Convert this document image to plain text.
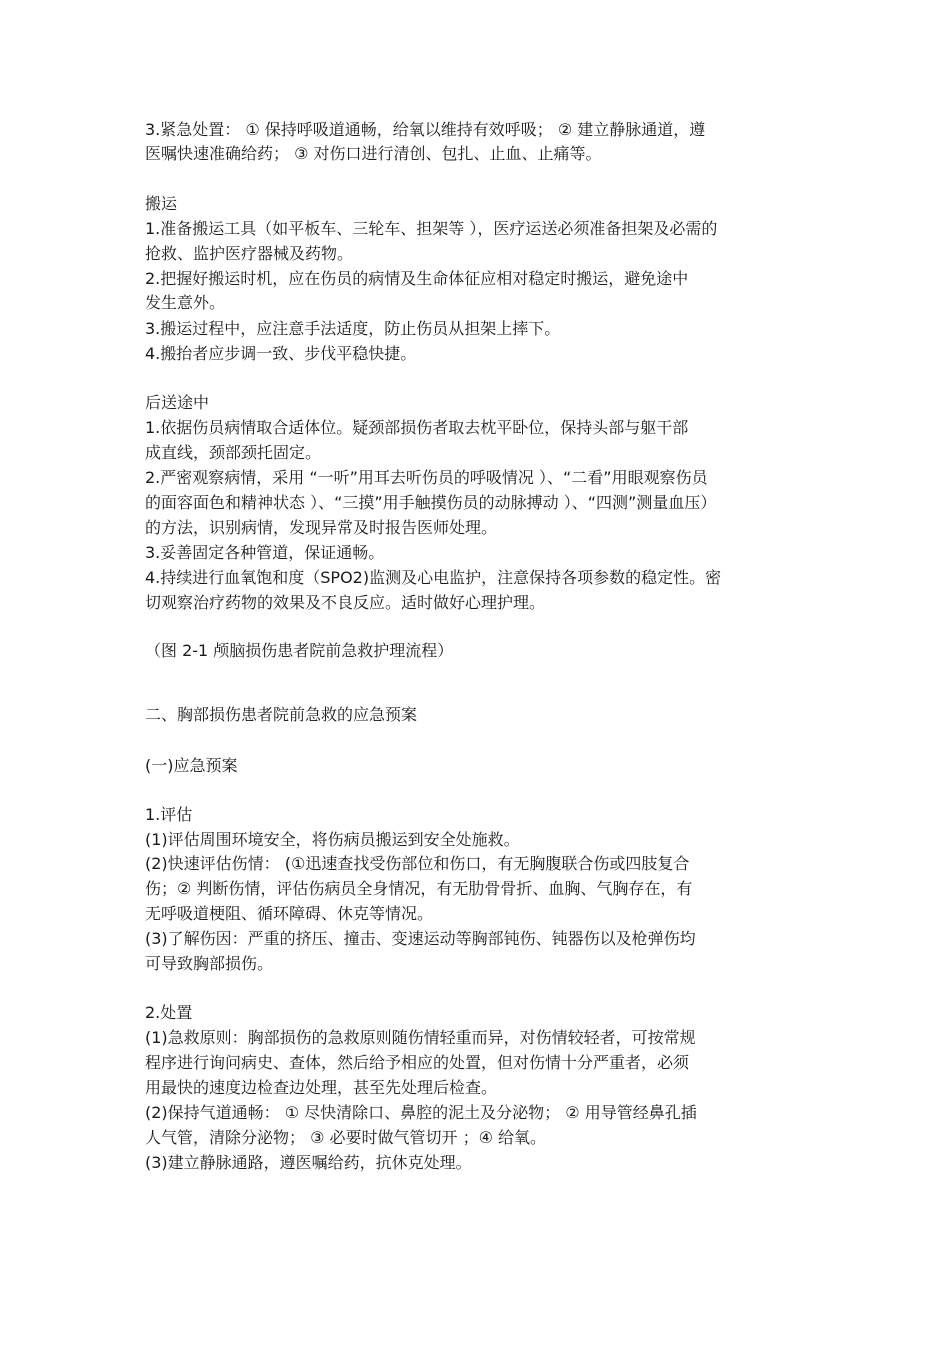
3.紧急处置： ① 保持呼吸道通畅，给氧以维持有效呼吸； ② 建立静脉通道，遵

医嘱快速准确给药； ③ 对伤口进行清创、包扎、止血、止痛等。

搬运

1.准备搬运工具（如平板车、三轮车、担架等 ），医疗运送必须准备担架及必需的

抢救、监护医疗器械及药物。

2.把握好搬运时机，应在伤员的病情及生命体征应相对稳定时搬运，避免途中

发生意外。

3.搬运过程中，应注意手法适度，防止伤员从担架上摔下。

4.搬抬者应步调一致、步伐平稳快捷。

后送途中

1.依据伤员病情取合适体位。疑颈部损伤者取去枕平卧位，保持头部与躯干部

成直线，颈部颈托固定。

2.严密观察病情，采用 “一听”用耳去听伤员的呼吸情况 ）、“二看”用眼观察伤员

的面容面色和精神状态 ）、“三摸”用手触摸伤员的动脉搏动 ）、“四测”测量血压）

的方法，识别病情，发现异常及时报告医师处理。

3.妥善固定各种管道，保证通畅。

4.持续进行血氧饱和度（SPO2)监测及心电监护，注意保持各项参数的稳定性。密

切观察治疗药物的效果及不良反应。适时做好心理护理。

（图 2-1 颅脑损伤患者院前急救护理流程）

二、胸部损伤患者院前急救的应急预案

(一)应急预案

1.评估

(1)评估周围环境安全，将伤病员搬运到安全处施救。

(2)快速评估伤情： (①迅速查找受伤部位和伤口，有无胸腹联合伤或四肢复合

伤；② 判断伤情，评估伤病员全身情况，有无肋骨骨折、血胸、气胸存在，有

无呼吸道梗阻、循环障碍、休克等情况。

(3)了解伤因：严重的挤压、撞击、变速运动等胸部钝伤、钝器伤以及枪弹伤均

可导致胸部损伤。

2.处置

(1)急救原则：胸部损伤的急救原则随伤情轻重而异，对伤情较轻者，可按常规

程序进行询问病史、查体，然后给予相应的处置，但对伤情十分严重者，必须

用最快的速度边检查边处理，甚至先处理后检查。

(2)保持气道通畅： ① 尽快清除口、鼻腔的泥土及分泌物； ② 用导管经鼻孔插

人气管，清除分泌物； ③ 必要时做气管切开 ；④ 给氧。

(3)建立静脉通路，遵医嘱给药，抗休克处理。
